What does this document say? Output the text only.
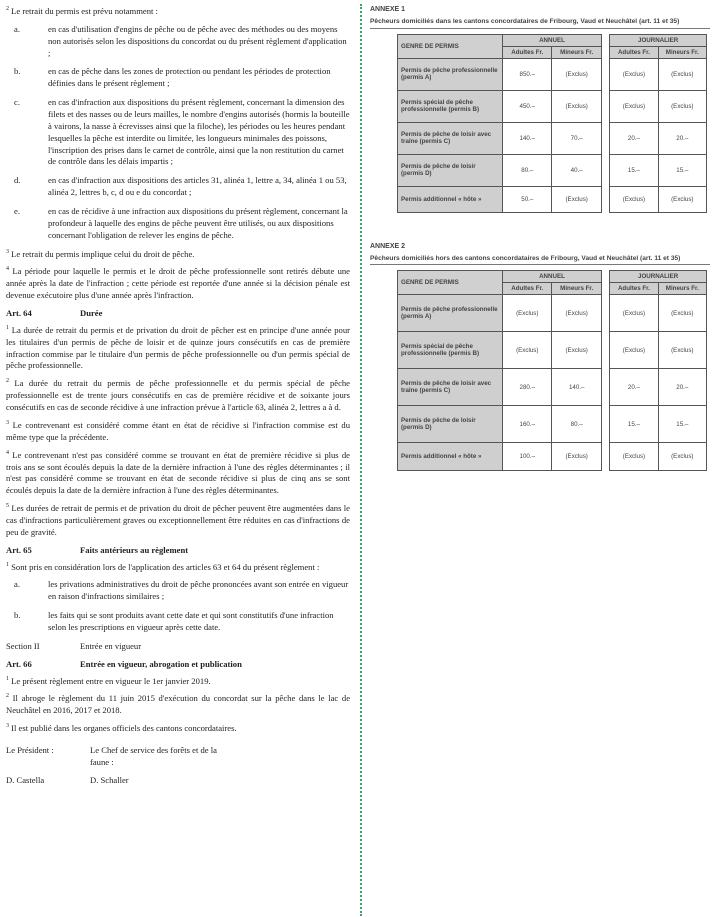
$^2$ Le retrait du permis est prévu notamment :

a.	en cas d'utilisation d'engins de pêche ou de pêche avec des méthodes ou des moyens non autorisés selon les dispositions du concordat ou du présent règlement d'application ;
b.	en cas de pêche dans les zones de protection ou pendant les périodes de protection définies dans le présent règlement ;
c.	en cas d'infraction aux dispositions du présent règlement, concernant la dimension des filets et des nasses ou de leurs mailles, le nombre d'engins autorisés (hormis la bouteille à vairons, la nasse à écrevisses ainsi que la filoche), les périodes ou les heures pendant lesquelles la pêche est interdite ou limitée, les longueurs minimales des poissons, l'inscription des prises dans le carnet de contrôle, ainsi que la non restitution du carnet de contrôle dans les délais impartis ;
d.	en cas d'infraction aux dispositions des articles 31, alinéa 1, lettre a, 34, alinéa 1 ou 53, alinéa 2, lettres b, c, d ou e du concordat ;
e.	en cas de récidive à une infraction aux dispositions du présent règlement, concernant la profondeur à laquelle des engins de pêche peuvent être utilisés, ou aux dispositions concernant l'obligation de relever les engins de pêche.

$^3$ Le retrait du permis implique celui du droit de pêche.

$^4$ La période pour laquelle le permis et le droit de pêche professionnelle sont retirés débute une année après la date de l'infraction ; cette période est reportée d'une année si la décision pénale est devenue exécutoire plus d'une année après l'infraction.

Art. 64	Durée

$^1$ La durée de retrait du permis et de privation du droit de pêcher est en principe d'une année pour les titulaires d'un permis de pêche de loisir et de quinze jours consécutifs en cas de première infraction commise par le titulaire d'un permis de pêche professionnelle ou d'un permis spécial de pêche professionnelle.

$^2$ La durée du retrait du permis de pêche professionnelle et du permis spécial de pêche professionnelle est de trente jours consécutifs en cas de première récidive et de soixante jours consécutifs en cas de seconde récidive à une infraction prévue à l'article 63, alinéa 2, lettres a à d.

$^3$ Le contrevenant est considéré comme étant en état de récidive si l'infraction commise est du même type que la précédente.

$^4$ Le contrevenant n'est pas considéré comme se trouvant en état de première récidive si plus de trois ans se sont écoulés depuis la date de la dernière infraction à l'une des règles déterminantes ; il n'est pas considéré comme se trouvant en état de seconde récidive si plus de cinq ans se sont écoulés depuis la date de la dernière infraction à l'une des règles déterminantes.

$^5$ Les durées de retrait de permis et de privation du droit de pêcher peuvent être augmentées dans le cas d'infractions particulièrement graves ou exceptionnellement être réduites en cas d'infractions de peu de gravité.

Art. 65	Faits antérieurs au règlement

$^1$ Sont pris en considération lors de l'application des articles 63 et 64 du présent règlement :

a.	les privations administratives du droit de pêche prononcées avant son entrée en vigueur en raison d'infractions similaires ;
b.	les faits qui se sont produits avant cette date et qui sont constitutifs d'une infraction selon les prescriptions en vigueur après cette date.
Section II	Entrée en vigueur
Art. 66	Entrée en vigueur, abrogation et publication

$^1$ Le présent règlement entre en vigueur le 1er janvier 2019.

$^2$ Il abroge le règlement du 11 juin 2015 d'exécution du concordat sur la pêche dans le lac de Neuchâtel en 2016, 2017 et 2018.

$^3$ Il est publié dans les organes officiels des cantons concordataires.

Le Président :	Le Chef de service des forêts et de la faune :
D. Castella	D. Schaller
ANNEXE 1
Pêcheurs domiciliés dans les cantons concordataires de Fribourg, Vaud et Neuchâtel (art. 11 et 35)
GENRE DE PERMIS	ANNUEL			JOURNALIER	
	Adultes Fr.	Mineurs Fr.		Adultes Fr.	Mineurs Fr.
Permis de pêche professionnelle (permis A)	850.–	(Exclus)		(Exclus)	(Exclus)
Permis spécial de pêche professionnelle (permis B)	450.–	(Exclus)		(Exclus)	(Exclus)
Permis de pêche de loisir avec traîne (permis C)	140.–	70.–		20.–	20.–
Permis de pêche de loisir (permis D)	80.–	40.–		15.–	15.–
Permis additionnel « hôte »	50.–	(Exclus)		(Exclus)	(Exclus)
ANNEXE 2
Pêcheurs domiciliés hors des cantons concordataires de Fribourg, Vaud et Neuchâtel (art. 11 et 35)
GENRE DE PERMIS	ANNUEL			JOURNALIER	
	Adultes Fr.	Mineurs Fr.		Adultes Fr.	Mineurs Fr.
Permis de pêche professionnelle (permis A)	(Exclus)	(Exclus)		(Exclus)	(Exclus)
Permis spécial de pêche professionnelle (permis B)	(Exclus)	(Exclus)		(Exclus)	(Exclus)
Permis de pêche de loisir avec traîne (permis C)	280.–	140.–		20.–	20.–
Permis de pêche de loisir (permis D)	160.–	80.–		15.–	15.–
Permis additionnel « hôte »	100.–	(Exclus)		(Exclus)	(Exclus)
